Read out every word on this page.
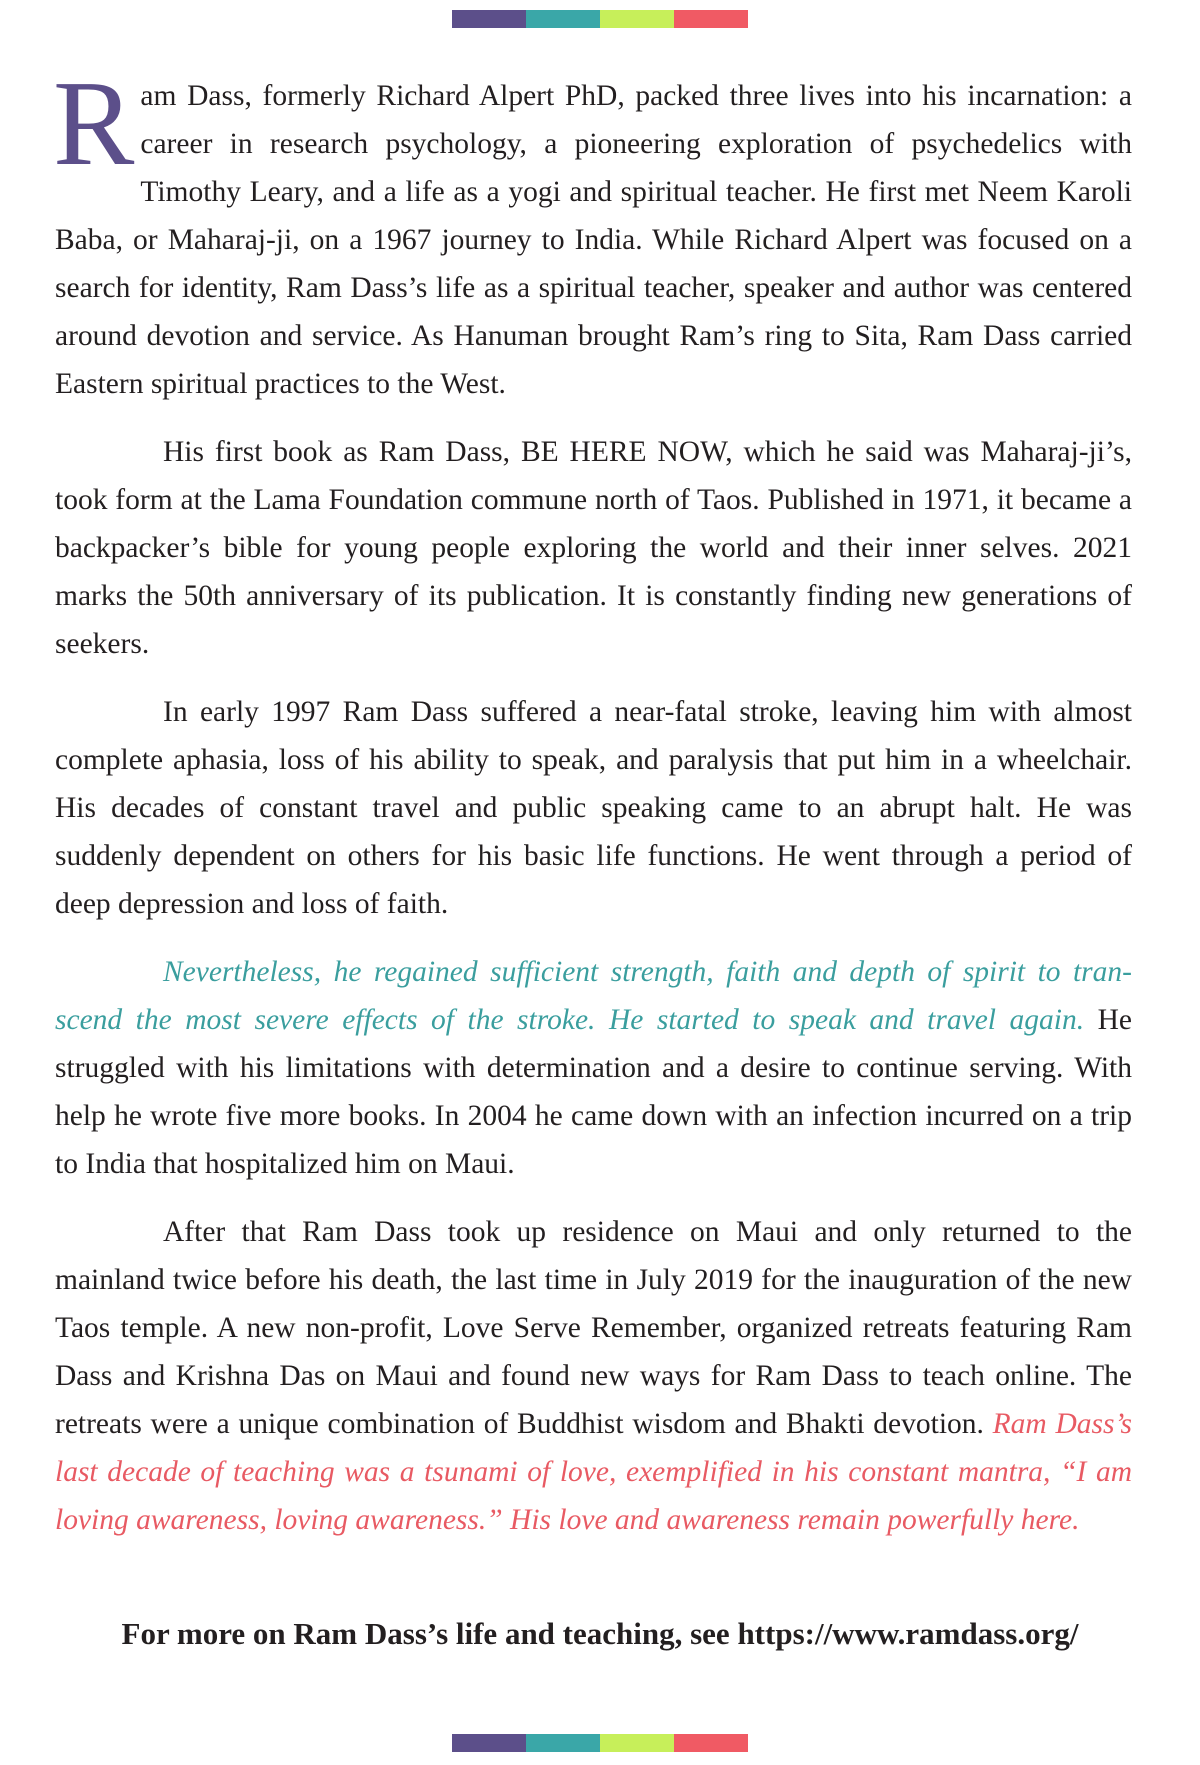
Ram Dass, formerly Richard Alpert PhD, packed three lives into his incarnation: a career in research psychology, a pioneering exploration of psychedelics with Timothy Leary, and a life as a yogi and spiritual teacher. He first met Neem Karoli Baba, or Maharaj-ji, on a 1967 journey to India. While Richard Alpert was focused on a search for identity, Ram Dass’s life as a spiritual teacher, speaker and author was centered around devotion and service. As Hanuman brought Ram’s ring to Sita, Ram Dass carried Eastern spiritual practices to the West.

His first book as Ram Dass, BE HERE NOW, which he said was Maharaj-ji’s, took form at the Lama Foundation commune north of Taos. Published in 1971, it became a backpacker’s bible for young people exploring the world and their inner selves. 2021 marks the 50th anniversary of its publication. It is constantly finding new generations of seekers.

In early 1997 Ram Dass suffered a near-fatal stroke, leaving him with almost complete aphasia, loss of his ability to speak, and paralysis that put him in a wheelchair. His decades of constant travel and public speaking came to an abrupt halt. He was suddenly dependent on others for his basic life functions. He went through a period of deep depression and loss of faith.

Nevertheless, he regained sufficient strength, faith and depth of spirit to transcend the most severe effects of the stroke. He started to speak and travel again. He struggled with his limitations with determination and a desire to continue serving. With help he wrote five more books. In 2004 he came down with an infection incurred on a trip to India that hospitalized him on Maui.

After that Ram Dass took up residence on Maui and only returned to the mainland twice before his death, the last time in July 2019 for the inauguration of the new Taos temple. A new non-profit, Love Serve Remember, organized retreats featuring Ram Dass and Krishna Das on Maui and found new ways for Ram Dass to teach online. The retreats were a unique combination of Buddhist wisdom and Bhakti devotion. Ram Dass’s last decade of teaching was a tsunami of love, exemplified in his constant mantra, “I am loving awareness, loving awareness.” His love and awareness remain powerfully here.

For more on Ram Dass’s life and teaching, see https://www.ramdass.org/
